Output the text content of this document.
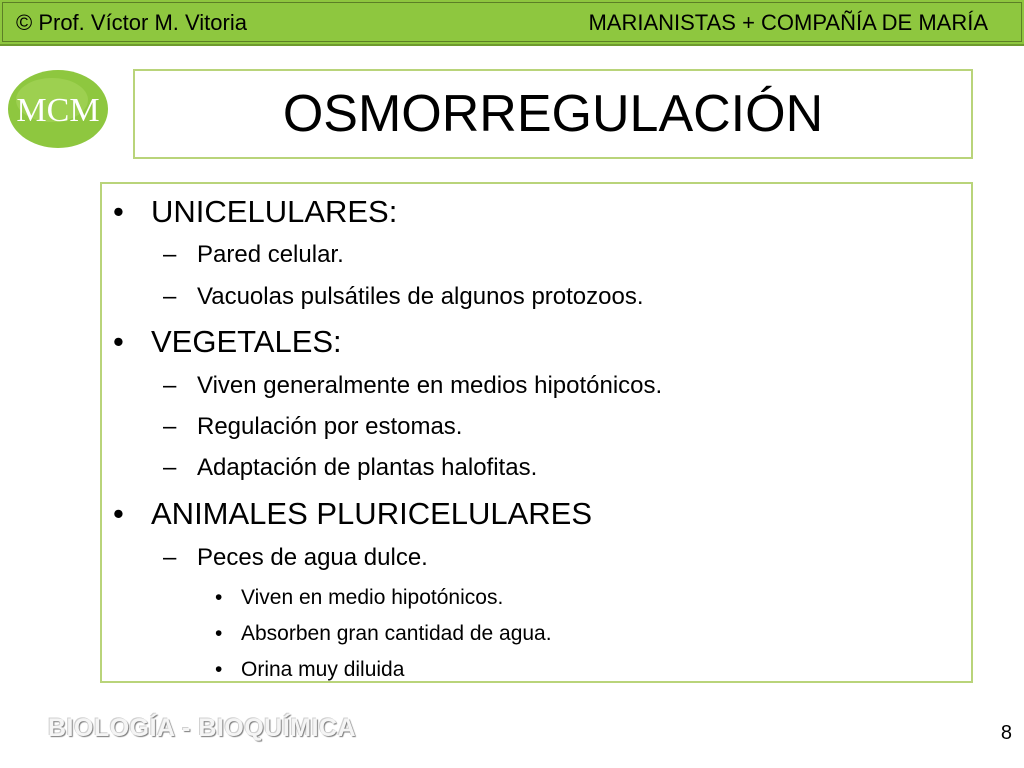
© Prof. Víctor M. Vitoria	MARIANISTAS + COMPAÑÍA DE MARÍA
MCM	OSMORREGULACIÓN
• UNICELULARES:
– Pared celular.
– Vacuolas pulsátiles de algunos protozoos.
• VEGETALES:
– Viven generalmente en medios hipotónicos.
– Regulación por estomas.
– Adaptación de plantas halofitas.
• ANIMALES PLURICELULARES
– Peces de agua dulce.
• Viven en medio hipotónicos.
• Absorben gran cantidad de agua.
• Orina muy diluida
BIOLOGÍA - BIOQUÍMICA	8
